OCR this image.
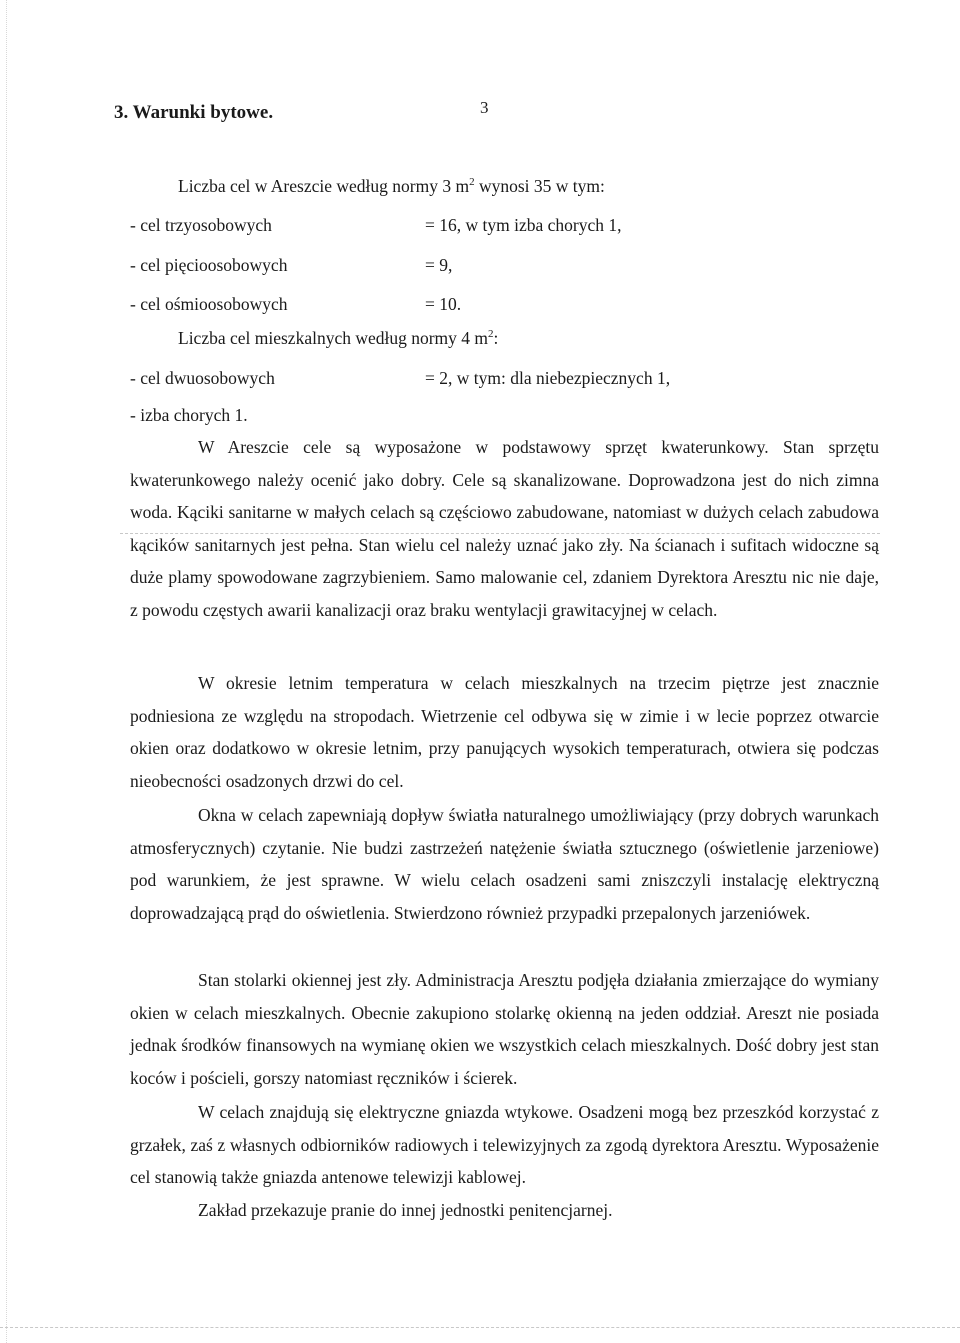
3. Warunki bytowe.	3

Liczba cel w Areszcie według normy 3 $m^2$ wynosi 35 w tym:

- cel trzyosobowych	= 16, w tym izba chorych 1,
- cel pięcioosobowych	= 9,
- cel ośmioosobowych	= 10.

Liczba cel mieszkalnych według normy 4 $m^2$:

- cel dwuosobowych	= 2, w tym: dla niebezpiecznych 1,
- izba chorych 1.

W Areszcie cele są wyposażone w podstawowy sprzęt kwaterunkowy. Stan sprzętu kwaterunkowego należy ocenić jako dobry. Cele są skanalizowane. Doprowadzona jest do nich zimna woda. Kąciki sanitarne w małych celach są częściowo zabudowane, natomiast w dużych celach zabudowa kącików sanitarnych jest pełna. Stan wielu cel należy uznać jako zły. Na ścianach i sufitach widoczne są duże plamy spowodowane zagrzybieniem. Samo malowanie cel, zdaniem Dyrektora Aresztu nic nie daje, z powodu częstych awarii kanalizacji oraz braku wentylacji grawitacyjnej w celach.

W okresie letnim temperatura w celach mieszkalnych na trzecim piętrze jest znacznie podniesiona ze względu na stropodach. Wietrzenie cel odbywa się w zimie i w lecie poprzez otwarcie okien oraz dodatkowo w okresie letnim, przy panujących wysokich temperaturach, otwiera się podczas nieobecności osadzonych drzwi do cel.

Okna w celach zapewniają dopływ światła naturalnego umożliwiający (przy dobrych warunkach atmosferycznych) czytanie. Nie budzi zastrzeżeń natężenie światła sztucznego (oświetlenie jarzeniowe) pod warunkiem, że jest sprawne. W wielu celach osadzeni sami zniszczyli instalację elektryczną doprowadzającą prąd do oświetlenia. Stwierdzono również przypadki przepalonych jarzeniówek.

Stan stolarki okiennej jest zły. Administracja Aresztu podjęła działania zmierzające do wymiany okien w celach mieszkalnych. Obecnie zakupiono stolarkę okienną na jeden oddział. Areszt nie posiada jednak środków finansowych na wymianę okien we wszystkich celach mieszkalnych. Dość dobry jest stan koców i pościeli, gorszy natomiast ręczników i ścierek.

W celach znajdują się elektryczne gniazda wtykowe. Osadzeni mogą bez przeszkód korzystać z grzałek, zaś z własnych odbiorników radiowych i telewizyjnych za zgodą dyrektora Aresztu. Wyposażenie cel stanowią także gniazda antenowe telewizji kablowej.

Zakład przekazuje pranie do innej jednostki penitencjarnej.
